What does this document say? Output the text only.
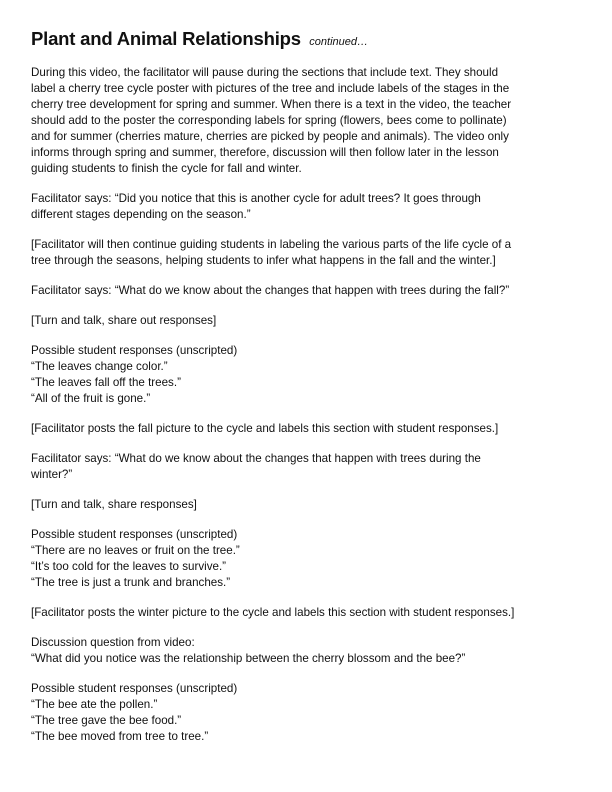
Plant and Animal Relationships continued…
During this video, the facilitator will pause during the sections that include text. They should
label a cherry tree cycle poster with pictures of the tree and include labels of the stages in the
cherry tree development for spring and summer. When there is a text in the video, the teacher
should add to the poster the corresponding labels for spring (flowers, bees come to pollinate)
and for summer (cherries mature, cherries are picked by people and animals). The video only
informs through spring and summer, therefore, discussion will then follow later in the lesson
guiding students to finish the cycle for fall and winter.
Facilitator says: “Did you notice that this is another cycle for adult trees? It goes through
different stages depending on the season.”
[Facilitator will then continue guiding students in labeling the various parts of the life cycle of a
tree through the seasons, helping students to infer what happens in the fall and the winter.]
Facilitator says: “What do we know about the changes that happen with trees during the fall?”
[Turn and talk, share out responses]
Possible student responses (unscripted)
“The leaves change color.”
“The leaves fall off the trees.”
“All of the fruit is gone.”
[Facilitator posts the fall picture to the cycle and labels this section with student responses.]
Facilitator says: “What do we know about the changes that happen with trees during the
winter?”
[Turn and talk, share responses]
Possible student responses (unscripted)
“There are no leaves or fruit on the tree.”
“It’s too cold for the leaves to survive.”
“The tree is just a trunk and branches.”
[Facilitator posts the winter picture to the cycle and labels this section with student responses.]
Discussion question from video:
“What did you notice was the relationship between the cherry blossom and the bee?”
Possible student responses (unscripted)
“The bee ate the pollen.”
“The tree gave the bee food.”
“The bee moved from tree to tree.”
